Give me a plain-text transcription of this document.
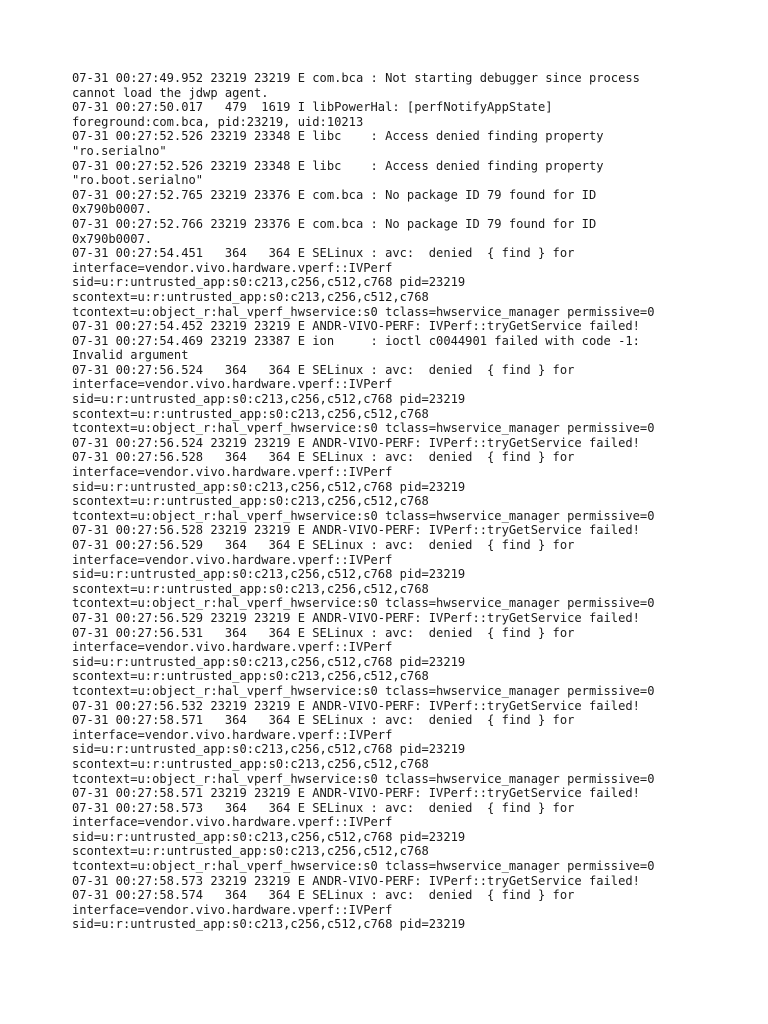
07-31 00:27:49.952 23219 23219 E com.bca : Not starting debugger since process
cannot load the jdwp agent.
07-31 00:27:50.017   479  1619 I libPowerHal: [perfNotifyAppState]
foreground:com.bca, pid:23219, uid:10213
07-31 00:27:52.526 23219 23348 E libc    : Access denied finding property
"ro.serialno"
07-31 00:27:52.526 23219 23348 E libc    : Access denied finding property
"ro.boot.serialno"
07-31 00:27:52.765 23219 23376 E com.bca : No package ID 79 found for ID
0x790b0007.
07-31 00:27:52.766 23219 23376 E com.bca : No package ID 79 found for ID
0x790b0007.
07-31 00:27:54.451   364   364 E SELinux : avc:  denied  { find } for
interface=vendor.vivo.hardware.vperf::IVPerf
sid=u:r:untrusted_app:s0:c213,c256,c512,c768 pid=23219
scontext=u:r:untrusted_app:s0:c213,c256,c512,c768
tcontext=u:object_r:hal_vperf_hwservice:s0 tclass=hwservice_manager permissive=0
07-31 00:27:54.452 23219 23219 E ANDR-VIVO-PERF: IVPerf::tryGetService failed!
07-31 00:27:54.469 23219 23387 E ion     : ioctl c0044901 failed with code -1:
Invalid argument
07-31 00:27:56.524   364   364 E SELinux : avc:  denied  { find } for
interface=vendor.vivo.hardware.vperf::IVPerf
sid=u:r:untrusted_app:s0:c213,c256,c512,c768 pid=23219
scontext=u:r:untrusted_app:s0:c213,c256,c512,c768
tcontext=u:object_r:hal_vperf_hwservice:s0 tclass=hwservice_manager permissive=0
07-31 00:27:56.524 23219 23219 E ANDR-VIVO-PERF: IVPerf::tryGetService failed!
07-31 00:27:56.528   364   364 E SELinux : avc:  denied  { find } for
interface=vendor.vivo.hardware.vperf::IVPerf
sid=u:r:untrusted_app:s0:c213,c256,c512,c768 pid=23219
scontext=u:r:untrusted_app:s0:c213,c256,c512,c768
tcontext=u:object_r:hal_vperf_hwservice:s0 tclass=hwservice_manager permissive=0
07-31 00:27:56.528 23219 23219 E ANDR-VIVO-PERF: IVPerf::tryGetService failed!
07-31 00:27:56.529   364   364 E SELinux : avc:  denied  { find } for
interface=vendor.vivo.hardware.vperf::IVPerf
sid=u:r:untrusted_app:s0:c213,c256,c512,c768 pid=23219
scontext=u:r:untrusted_app:s0:c213,c256,c512,c768
tcontext=u:object_r:hal_vperf_hwservice:s0 tclass=hwservice_manager permissive=0
07-31 00:27:56.529 23219 23219 E ANDR-VIVO-PERF: IVPerf::tryGetService failed!
07-31 00:27:56.531   364   364 E SELinux : avc:  denied  { find } for
interface=vendor.vivo.hardware.vperf::IVPerf
sid=u:r:untrusted_app:s0:c213,c256,c512,c768 pid=23219
scontext=u:r:untrusted_app:s0:c213,c256,c512,c768
tcontext=u:object_r:hal_vperf_hwservice:s0 tclass=hwservice_manager permissive=0
07-31 00:27:56.532 23219 23219 E ANDR-VIVO-PERF: IVPerf::tryGetService failed!
07-31 00:27:58.571   364   364 E SELinux : avc:  denied  { find } for
interface=vendor.vivo.hardware.vperf::IVPerf
sid=u:r:untrusted_app:s0:c213,c256,c512,c768 pid=23219
scontext=u:r:untrusted_app:s0:c213,c256,c512,c768
tcontext=u:object_r:hal_vperf_hwservice:s0 tclass=hwservice_manager permissive=0
07-31 00:27:58.571 23219 23219 E ANDR-VIVO-PERF: IVPerf::tryGetService failed!
07-31 00:27:58.573   364   364 E SELinux : avc:  denied  { find } for
interface=vendor.vivo.hardware.vperf::IVPerf
sid=u:r:untrusted_app:s0:c213,c256,c512,c768 pid=23219
scontext=u:r:untrusted_app:s0:c213,c256,c512,c768
tcontext=u:object_r:hal_vperf_hwservice:s0 tclass=hwservice_manager permissive=0
07-31 00:27:58.573 23219 23219 E ANDR-VIVO-PERF: IVPerf::tryGetService failed!
07-31 00:27:58.574   364   364 E SELinux : avc:  denied  { find } for
interface=vendor.vivo.hardware.vperf::IVPerf
sid=u:r:untrusted_app:s0:c213,c256,c512,c768 pid=23219
